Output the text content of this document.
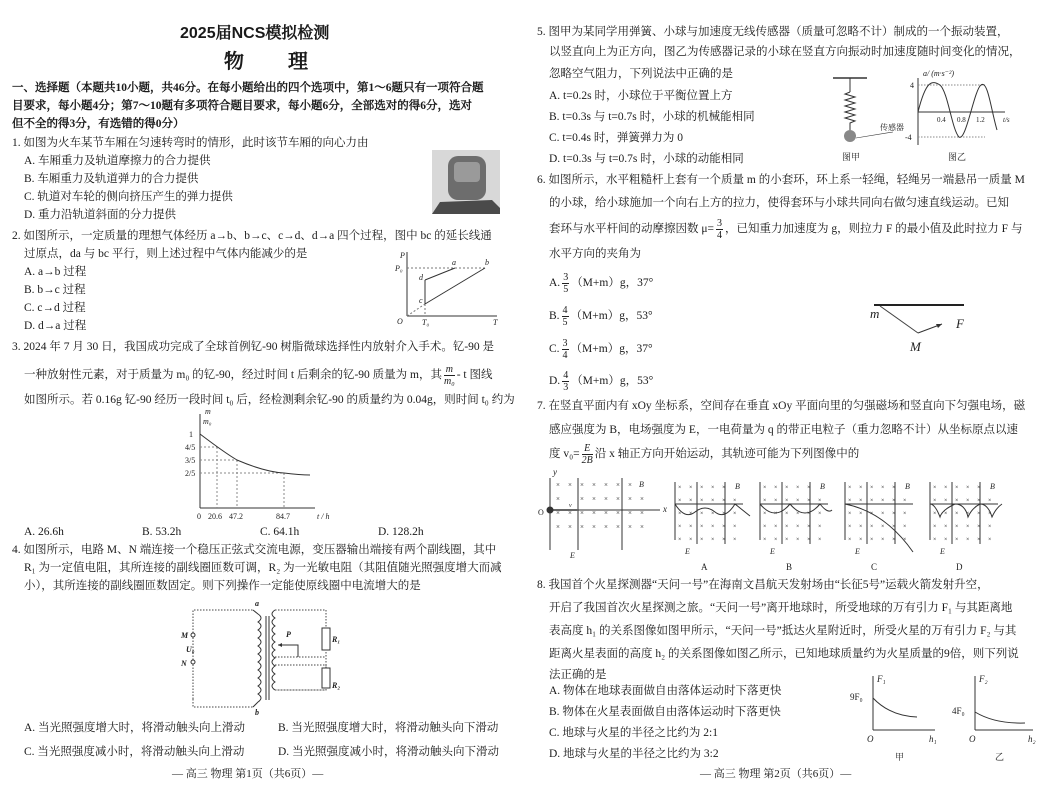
2025届NCS模拟检测
物　理
一、选择题（本题共10小题，共46分。在每小题给出的四个选项中，第1～6题只有一项符合题
目要求，每小题4分；第7～10题有多项符合题目要求，每小题6分，全部选对的得6分，选对
但不全的得3分，有选错的得0分）
1. 如图为火车某节车厢在匀速转弯时的情形，此时该节车厢的向心力由
A. 车厢重力及轨道摩擦力的合力提供
B. 车厢重力及轨道弹力的合力提供
C. 轨道对车轮的侧向挤压产生的弹力提供
D. 重力沿轨道斜面的分力提供
2. 如图所示，一定质量的理想气体经历 a→b、b→c、c→d、d→a 四个过程，图中 bc 的延长线通
过原点，da 与 bc 平行，则上述过程中气体内能减少的是
A. a→b 过程
B. b→c 过程
C. c→d 过程
D. d→a 过程
P
P₀
a	b
c
d
O T₀	T
3. 2024 年 7 月 30 日，我国成功完成了全球首例钇-90 树脂微球选择性内放射介入手术。钇-90 是
一种放射性元素，对于质量为 m₀ 的钇-90，经过时间 t 后剩余的钇-90 质量为 m，其 $\frac{m}{\text{m₀}}$ - t 图线
如图所示。若 0.16g 钇-90 经历一段时间 t₀ 后，经检测剩余钇-90 的质量约为 0.04g，则时间 t₀ 约为
m
m₀
1
4/5
3/5
2/5
0 20.6 47.2	84.7	t / h
A. 26.6h	B. 53.2h	C. 64.1h	D. 128.2h
4. 如图所示，电路 M、N 端连接一个稳压正弦式交流电源，变压器输出端接有两个副线圈，其中
R₁ 为一定值电阻，其所连接的副线圈匝数可调，R₂ 为一光敏电阻（其阻值随光照强度增大而减
小），其所连接的副线圈匝数固定。则下列操作一定能使原线圈中电流增大的是
a
b
M
N
U₀
P
R₁
R₂
A. 当光照强度增大时，将滑动触头向上滑动	B. 当光照强度增大时，将滑动触头向下滑动
C. 当光照强度减小时，将滑动触头向上滑动	D. 当光照强度减小时，将滑动触头向下滑动
— 高三 物理 第1页（共6页）—
5. 图甲为某同学用弹簧、小球与加速度无线传感器（质量可忽略不计）制成的一个振动装置，
以竖直向上为正方向，图乙为传感器记录的小球在竖直方向振动时加速度随时间变化的情况，
忽略空气阻力，下列说法中正确的是
A. t=0.2s 时，小球位于平衡位置上方
B. t=0.3s 与 t=0.7s 时，小球的机械能相同
C. t=0.4s 时，弹簧弹力为 0
D. t=0.3s 与 t=0.7s 时，小球的动能相同
传感器
图甲
a/ (m·s⁻²)
4
-4
0.4 0.8 1.2	t/s
图乙
6. 如图所示，水平粗糙杆上套有一个质量 m 的小套环，环上系一轻绳，轻绳另一端悬吊一质量 M
的小球，给小球施加一个向右上方的拉力，使得套环与小球共同向右做匀速直线运动。已知
套环与水平杆间的动摩擦因数 $\mu= \frac{3}{4}$ ，已知重力加速度为 g，则拉力 F 的最小值及此时拉力 F 与
水平方向的夹角为
A. $\frac{3}{5} (M+m)g$，37°
B. $\frac{4}{5} (M+m)g$，53°
C. $\frac{3}{4} (M+m)g$，37°
D. $\frac{4}{3} (M+m)g$，53°
m
M
F
7. 在竖直平面内有 xOy 坐标系，空间存在垂直 xOy 平面向里的匀强磁场和竖直向下匀强电场，磁
感应强度为 B，电场强度为 E，一电荷量为 q 的带正电粒子（重力忽略不计）从坐标原点以速
度 $v_0= \frac{E}{2B}$ 沿 x 轴正方向开始运动，其轨迹可能为下列图像中的
y
x
O
B
E
v
A	B	C	D
× × × × × × ×
×	× × × × × ×
× × × × × × × ×
× × × × × × × ×
× × × × ×
× × × × × ×
× × × × × ×
× × × × × ×
× × × × × ×
B
E
× × × × ×
× × × × × ×
× × × × × ×
× × × × × ×
× × × × × ×
B
E
× × × × ×
× × × × × ×
× × × × × ×
× × × × × ×
× × × × × ×
B
E
× × × × ×
× × × × × ×
× × × × × ×
× × × × × ×
× × × × × ×
B
E
8. 我国首个火星探测器“天问一号”在海南文昌航天发射场由“长征5号”运载火箭发射升空，
开启了我国首次火星探测之旅。“天问一号”离开地球时，所受地球的万有引力 F₁ 与其距离地
表高度 h₁ 的关系图像如图甲所示，“天问一号”抵达火星附近时，所受火星的万有引力 F₂ 与其
距离火星表面的高度 h₂ 的关系图像如图乙所示，已知地球质量约为火星质量的9倍，则下列说
法正确的是
A. 物体在地球表面做自由落体运动时下落更快
B. 物体在火星表面做自由落体运动时下落更快
C. 地球与火星的半径之比约为 2:1
D. 地球与火星的半径之比约为 3:2
F₁	F₂
9F₀
4F₀
O	O
h₁	h₂
甲	乙
— 高三 物理 第2页（共6页）—
